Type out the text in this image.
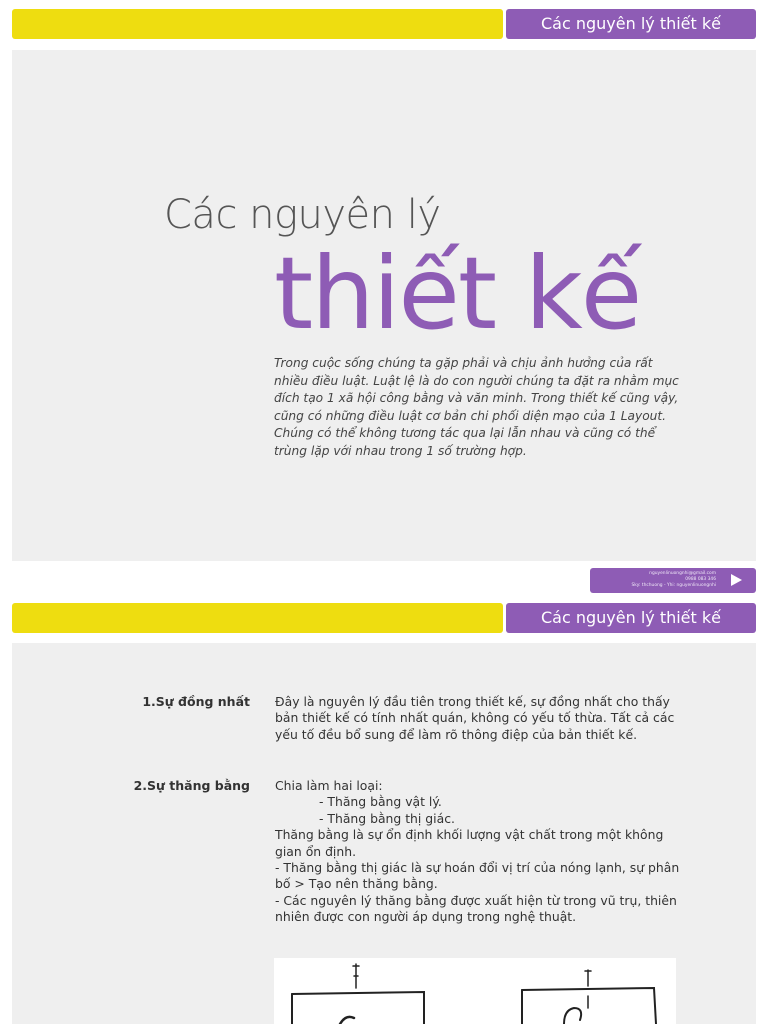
Các nguyên lý thiết kế
Các nguyên lý
thiết kế
Trong cuộc sống chúng ta gặp phải và chịu ảnh hưởng của rất nhiều điều luật. Luật lệ là do con người chúng ta đặt ra nhằm mục đích tạo 1 xã hội công bằng và văn minh. Trong thiết kế cũng vậy, cũng có những điều luật cơ bản chi phối diện mạo của 1 Layout. Chúng có thể không tương tác qua lại lẫn nhau và cũng có thể trùng lặp với nhau trong 1 số trường hợp.
nguyenlinuongnhi@gmail.com
0988 083 346
Sky: thchuong - Yhi: nguyenlinuongnhi
Các nguyên lý thiết kế
1.Sự đồng nhất Đây là nguyên lý đầu tiên trong thiết kế, sự đồng nhất cho thấy bản thiết kế có tính nhất quán, không có yếu tố thừa. Tất cả các yếu tố đều bổ sung để làm rõ thông điệp của bản thiết kế.
2.Sự thăng bằng Chia làm hai loại:
- Thăng bằng vật lý.
- Thăng bằng thị giác.
Thăng bằng là sự ổn định khối lượng vật chất trong một không gian ổn định.
- Thăng bằng thị giác là sự hoán đổi vị trí của nóng lạnh, sự phân bố > Tạo nên thăng bằng.
- Các nguyên lý thăng bằng được xuất hiện từ trong vũ trụ, thiên nhiên được con người áp dụng trong nghệ thuật.
